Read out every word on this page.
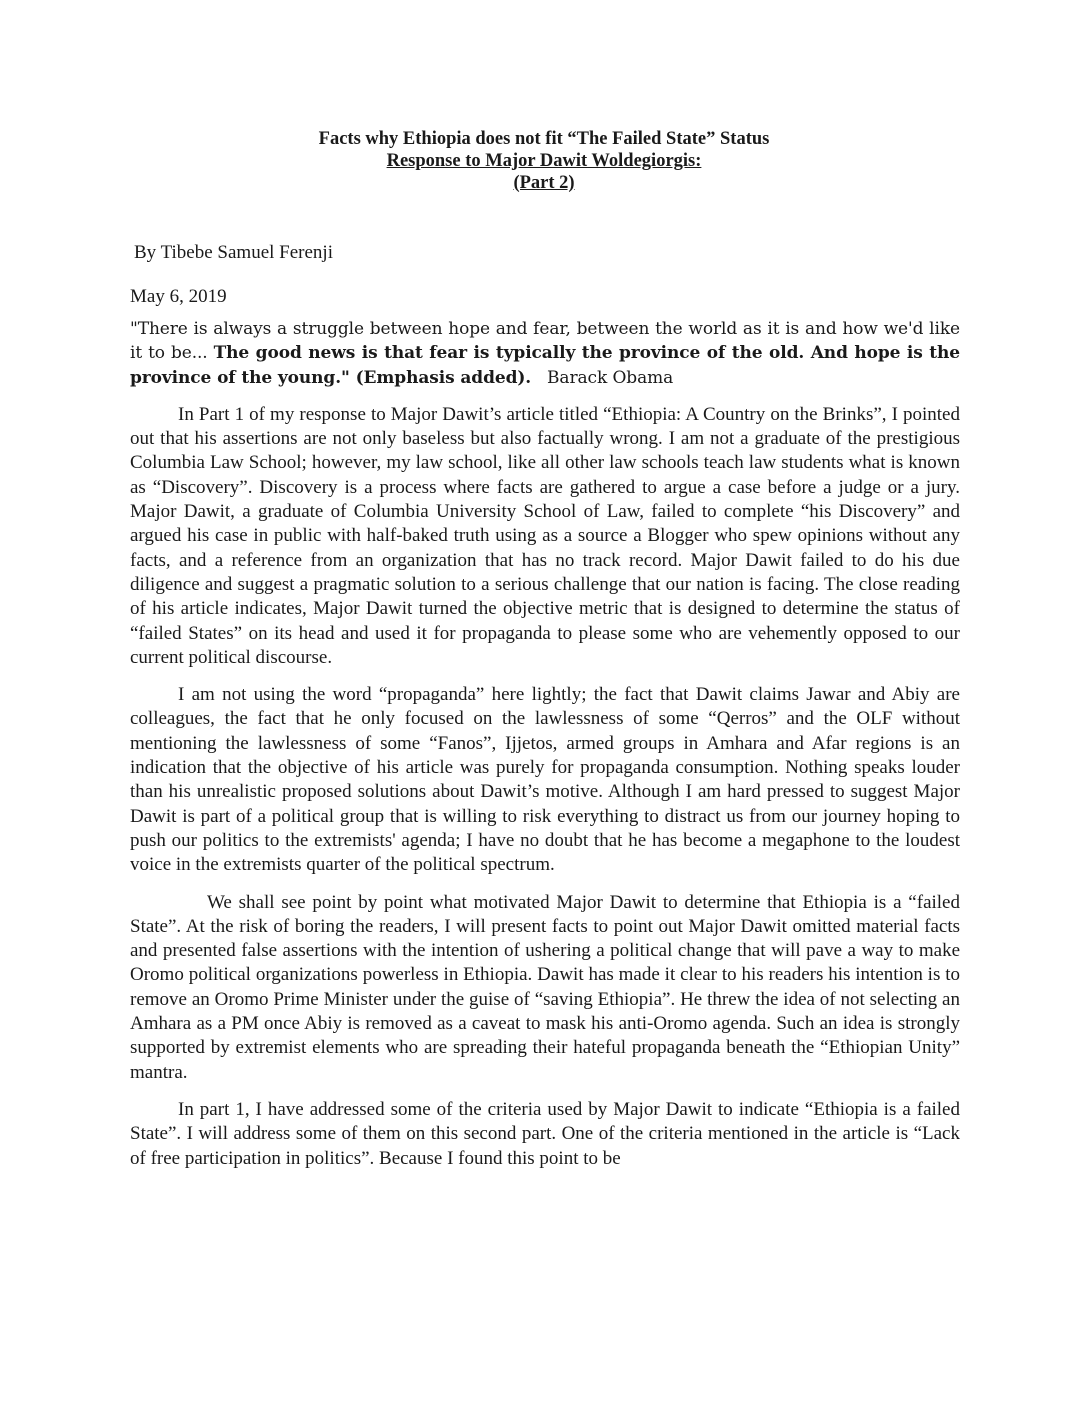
Facts why Ethiopia does not fit “The Failed State” Status
Response to Major Dawit Woldegiorgis:
(Part 2)
By Tibebe Samuel Ferenji
May 6, 2019

"There is always a struggle between hope and fear, between the world as it is and how we'd like it to be... The good news is that fear is typically the province of the old. And hope is the province of the young." (Emphasis added).   Barack Obama

In Part 1 of my response to Major Dawit’s article titled “Ethiopia: A Country on the Brinks”, I pointed out that his assertions are not only baseless but also factually wrong. I am not a graduate of the prestigious Columbia Law School; however, my law school, like all other law schools teach law students what is known as “Discovery”. Discovery is a process where facts are gathered to argue a case before a judge or a jury. Major Dawit, a graduate of Columbia University School of Law, failed to complete “his Discovery” and argued his case in public with half-baked truth using as a source a Blogger who spew opinions without any facts, and a reference from an organization that has no track record. Major Dawit failed to do his due diligence and suggest a pragmatic solution to a serious challenge that our nation is facing. The close reading of his article indicates, Major Dawit turned the objective metric that is designed to determine the status of “failed States” on its head and used it for propaganda to please some who are vehemently opposed to our current political discourse.

I am not using the word “propaganda” here lightly; the fact that Dawit claims Jawar and Abiy are colleagues, the fact that he only focused on the lawlessness of some “Qerros” and the OLF without mentioning the lawlessness of some “Fanos”, Ijjetos, armed groups in Amhara and Afar regions is an indication that the objective of his article was purely for propaganda consumption. Nothing speaks louder than his unrealistic proposed solutions about Dawit’s motive. Although I am hard pressed to suggest Major Dawit is part of a political group that is willing to risk everything to distract us from our journey hoping to push our politics to the extremists' agenda; I have no doubt that he has become a megaphone to the loudest voice in the extremists quarter of the political spectrum.

We shall see point by point what motivated Major Dawit to determine that Ethiopia is a “failed State”. At the risk of boring the readers, I will present facts to point out Major Dawit omitted material facts and presented false assertions with the intention of ushering a political change that will pave a way to make Oromo political organizations powerless in Ethiopia. Dawit has made it clear to his readers his intention is to remove an Oromo Prime Minister under the guise of “saving Ethiopia”. He threw the idea of not selecting an Amhara as a PM once Abiy is removed as a caveat to mask his anti-Oromo agenda. Such an idea is strongly supported by extremist elements who are spreading their hateful propaganda beneath the “Ethiopian Unity” mantra.

In part 1, I have addressed some of the criteria used by Major Dawit to indicate “Ethiopia is a failed State”. I will address some of them on this second part. One of the criteria mentioned in the article is “Lack of free participation in politics”. Because I found this point to be
